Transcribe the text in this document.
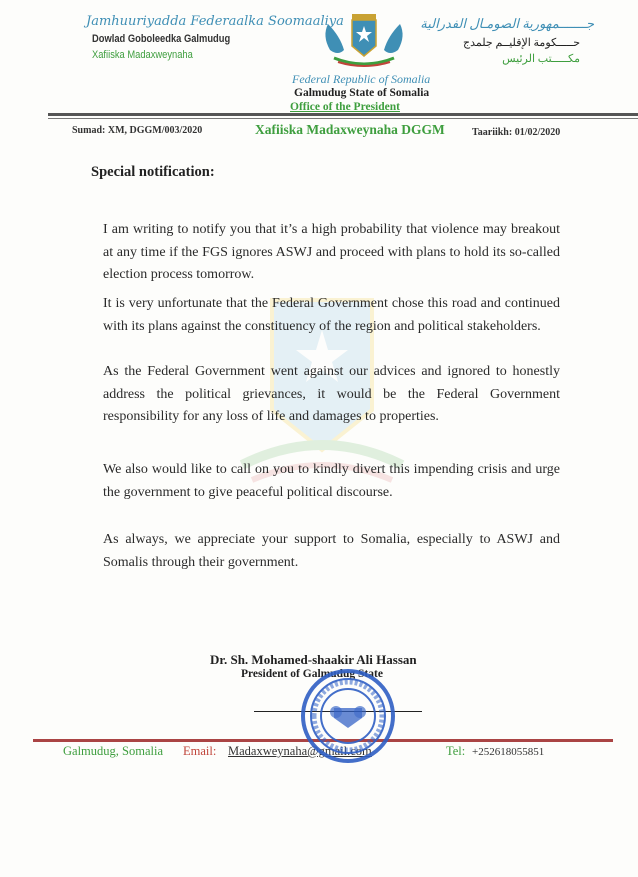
Jamhuuriyadda Federaalka Soomaaliya
Dowlad Goboleedka Galmudug
Xafiiska Madaxweynaha
جـــــــمهورية الصومـال الفدرالية
حـــــكومة الإقليــم جلمدج
مكـــــتب الرئيس
Federal Republic of Somalia
Galmudug State of Somalia
Office of the President
Sumad: XM, DGGM/003/2020	Xafiiska Madaxweynaha DGGM	Taariikh: 01/02/2020
Special notification:
I am writing to notify you that it’s a high probability that violence may breakout at any time if the FGS ignores ASWJ and proceed with plans to hold its so-called election process tomorrow.
It is very unfortunate that the Federal Government chose this road and continued with its plans against the constituency of the region and political stakeholders.
As the Federal Government went against our advices and ignored to honestly address the political grievances, it would be the Federal Government responsibility for any loss of life and damages to properties.
We also would like to call on you to kindly divert this impending crisis and urge the government to give peaceful political discourse.
As always, we appreciate your support to Somalia, especially to ASWJ and Somalis through their government.
Dr. Sh. Mohamed-shaakir Ali Hassan
President of Galmudug State
Galmudug, Somalia Email: Madaxweynaha@gmail.com	Tel: +252618055851
